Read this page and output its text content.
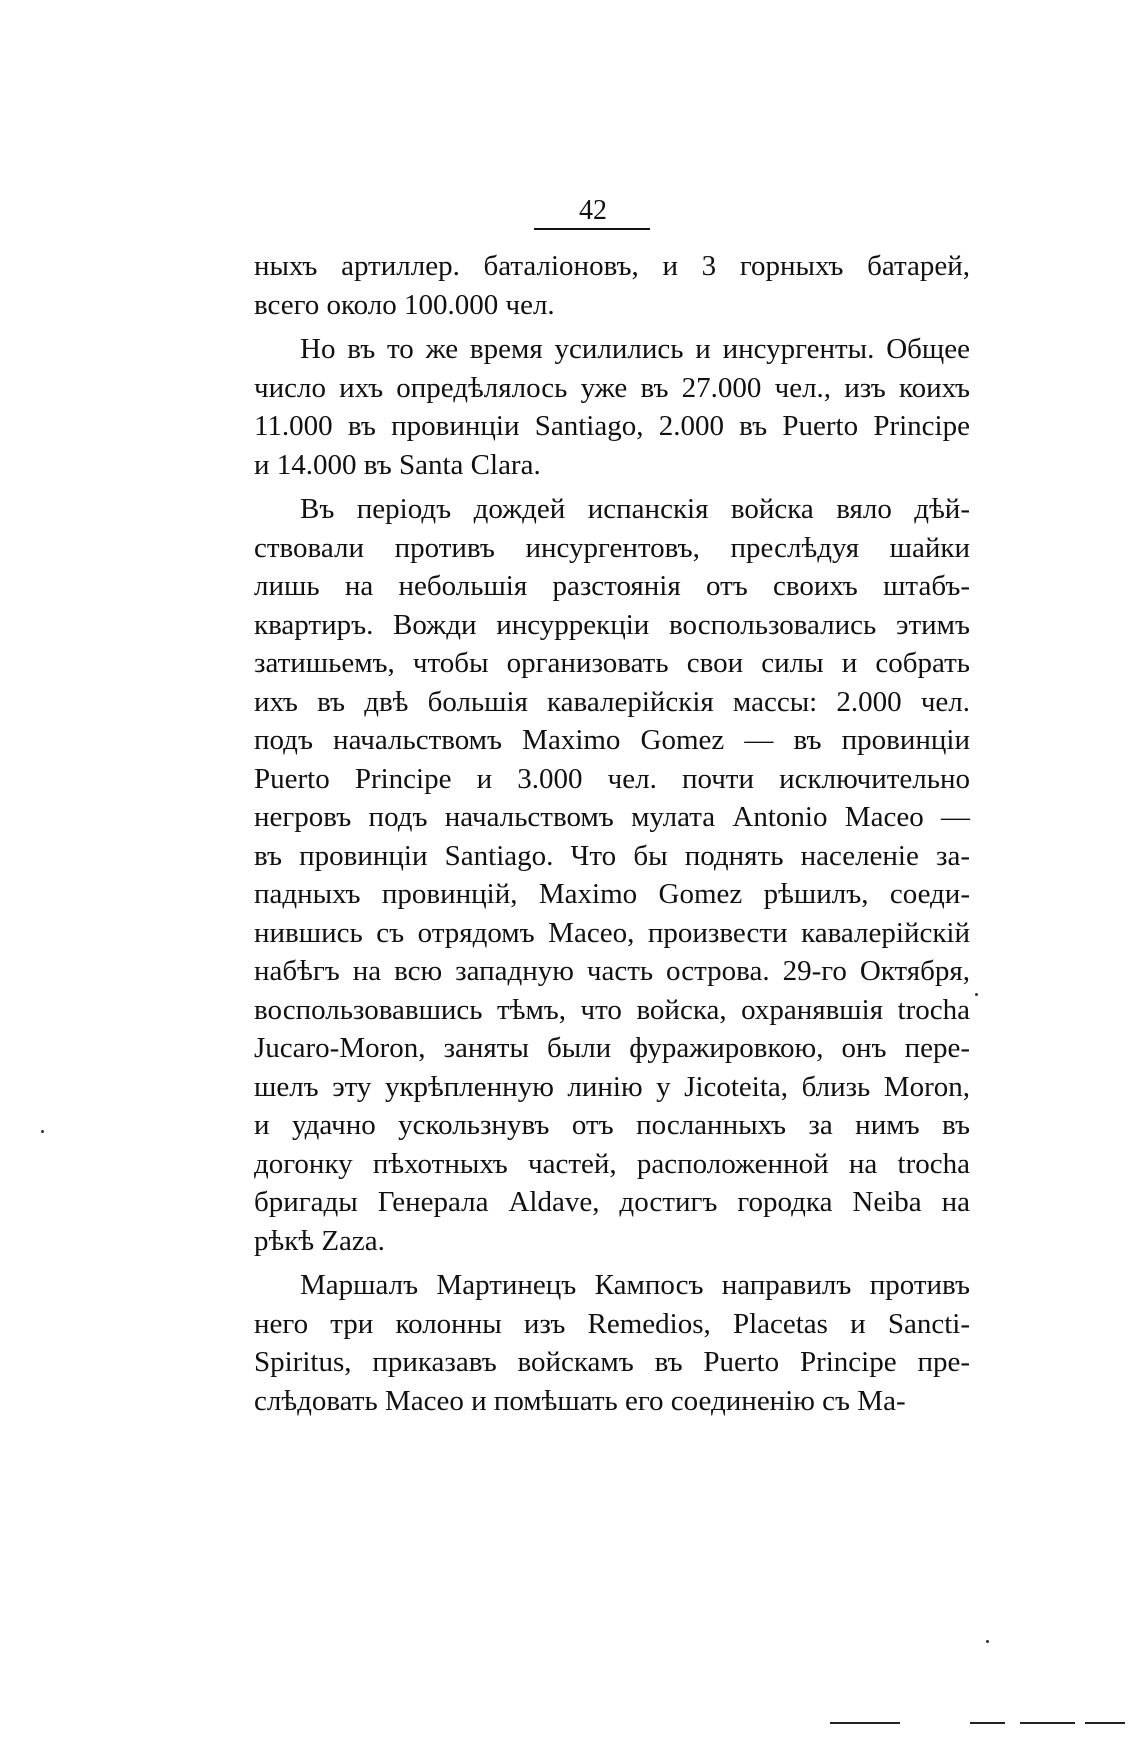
42
ныхъ артиллер. баталіоновъ, и 3 горныхъ батарей,
всего около 100.000 чел.
Но въ то же время усилились и инсургенты. Общее
число ихъ опредѣлялось уже въ 27.000 чел., изъ коихъ
11.000 въ провинціи Santiago, 2.000 въ Puerto Principe
и 14.000 въ Santa Clara.
Въ періодъ дождей испанскія войска вяло дѣй-
ствовали противъ инсургентовъ, преслѣдуя шайки
лишь на небольшія разстоянія отъ своихъ штабъ-
квартиръ. Вожди инсуррекціи воспользовались этимъ
затишьемъ, чтобы организовать свои силы и собрать
ихъ въ двѣ большія кавалерійскія массы: 2.000 чел.
подъ начальствомъ Maximo Gomez — въ провинціи
Puerto Principe и 3.000 чел. почти исключительно
негровъ подъ начальствомъ мулата Antonio Maceo —
въ провинціи Santiago. Что бы поднять населеніе за-
падныхъ провинцій, Maximo Gomez рѣшилъ, соеди-
нившись съ отрядомъ Maceo, произвести кавалерійскій
набѣгъ на всю западную часть острова. 29-го Октября,
воспользовавшись тѣмъ, что войска, охранявшія trocha
Jucaro-Moron, заняты были фуражировкою, онъ пере-
шелъ эту укрѣпленную линію у Jicoteita, близь Moron,
и удачно ускользнувъ отъ посланныхъ за нимъ въ
догонку пѣхотныхъ частей, расположенной на trocha
бригады Генерала Aldave, достигъ городка Neiba на
рѣкѣ Zaza.
Маршалъ Мартинецъ Кампосъ направилъ противъ
него три колонны изъ Remedios, Placetas и Sancti-
Spiritus, приказавъ войскамъ въ Puerto Principe пре-
слѣдовать Maceo и помѣшать его соединенію съ Ма-
